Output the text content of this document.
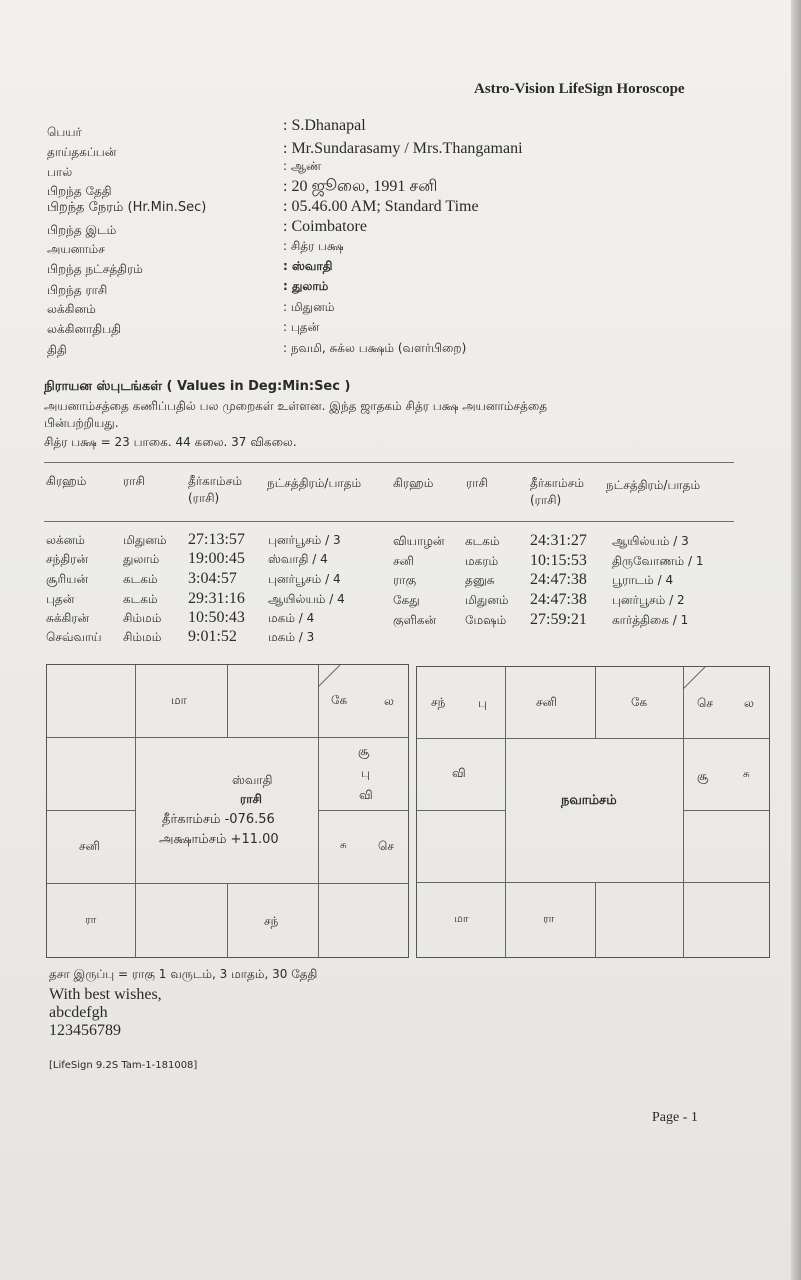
Astro-Vision LifeSign Horoscope
பெயர்	: S.Dhanapal
தாய்தகப்பன்	: Mr.Sundarasamy / Mrs.Thangamani
பால்	: ஆண்
பிறந்த தேதி	: 20 ஜூலை, 1991 சனி
பிறந்த நேரம் (Hr.Min.Sec)	: 05.46.00 AM; Standard Time
பிறந்த இடம்	: Coimbatore
அயனாம்ச	: சித்ர பக்ஷ
பிறந்த நட்சத்திரம்	: ஸ்வாதி
பிறந்த ராசி	: துலாம்
லக்கினம்	: மிதுனம்
லக்கினாதிபதி	: புதன்
திதி	: நவமி, சுக்ல பக்ஷம் (வளர்பிறை)
நிராயன ஸ்புடங்கள் ( Values in Deg:Min:Sec )
அயனாம்சத்தை கணிப்பதில் பல முறைகள் உள்ளன. இந்த ஜாதகம் சித்ர பக்ஷ அயனாம்சத்தை
பின்பற்றியது.
சித்ர பக்ஷ = 23 பாகை. 44 கலை. 37 விகலை.
கிரஹம்	ராசி	தீர்காம்சம்
(ராசி)
நட்சத்திரம்/பாதம்	கிரஹம்	ராசி	தீர்காம்சம்
(ராசி)
நட்சத்திரம்/பாதம்
லக்னம்	மிதுனம் 27:13:57 புனர்பூசம் / 3
சந்திரன்	துலாம் 19:00:45 ஸ்வாதி / 4
சூரியன்	கடகம் 3:04:57	புனர்பூசம் / 4
புதன்	கடகம் 29:31:16 ஆயில்யம் / 4
சுக்கிரன்	சிம்மம் 10:50:43 மகம் / 4
செவ்வாய் சிம்மம் 9:01:52	மகம் / 3
வியாழன் கடகம் 24:31:27 ஆயில்யம் / 3
சனி	மகரம் 10:15:53 திருவோணம் / 1
ராகு	தனுசு 24:47:38 பூராடம் / 4
கேது	மிதுனம் 24:47:38 புனர்பூசம் / 2
குளிகன் மேஷம் 27:59:21 கார்த்திகை / 1
மா	கே	ல
சூ
பு
வி
சனி	சு	செ
ரா	சந்
ஸ்வாதி
ராசி
தீர்காம்சம் -076.56
அக்ஷாம்சம் +11.00
சந்	பு	சனி	கே	செ	ல
வி	சூ	சு
மா	ரா
நவாம்சம்
தசா இருப்பு = ராகு 1 வருடம், 3 மாதம், 30 தேதி
With best wishes,
abcdefgh
123456789
[LifeSign 9.2S Tam-1-181008]
Page - 1
